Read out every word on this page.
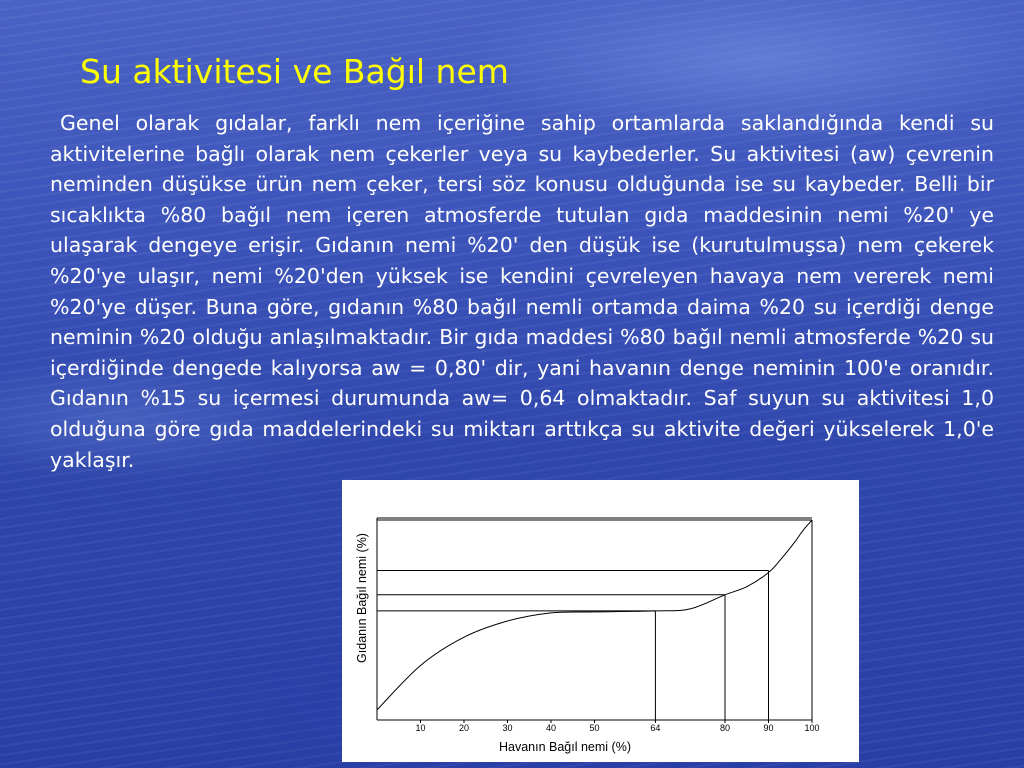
Su aktivitesi ve Bağıl nem

Genel olarak gıdalar, farklı nem içeriğine sahip ortamlarda saklandığında kendi su aktivitelerine bağlı olarak nem çekerler veya su kaybederler. Su aktivitesi (aw) çevrenin neminden düşükse ürün nem çeker, tersi söz konusu olduğunda ise su kaybeder. Belli bir sıcaklıkta %80 bağıl nem içeren atmosferde tutulan gıda maddesinin nemi %20' ye ulaşarak dengeye erişir. Gıdanın nemi %20' den düşük ise (kurutulmuşsa) nem çekerek %20'ye ulaşır, nemi %20'den yüksek ise kendini çevreleyen havaya nem vererek nemi %20'ye düşer. Buna göre, gıdanın %80 bağıl nemli ortamda daima %20 su içerdiği denge neminin %20 olduğu anlaşılmaktadır. Bir gıda maddesi %80 bağıl nemli atmosferde %20 su içerdiğinde dengede kalıyorsa aw = 0,80' dir, yani havanın denge neminin 100'e oranıdır. Gıdanın %15 su içermesi durumunda aw= 0,64 olmaktadır. Saf suyun su aktivitesi 1,0 olduğuna göre gıda maddelerindeki su miktarı arttıkça su aktivite değeri yükselerek 1,0'e yaklaşır.

10	20	30	40	50	64	80	90	100
Havanın Bağıl nemi (%)
Gıdanın Bağıl nemi (%)
